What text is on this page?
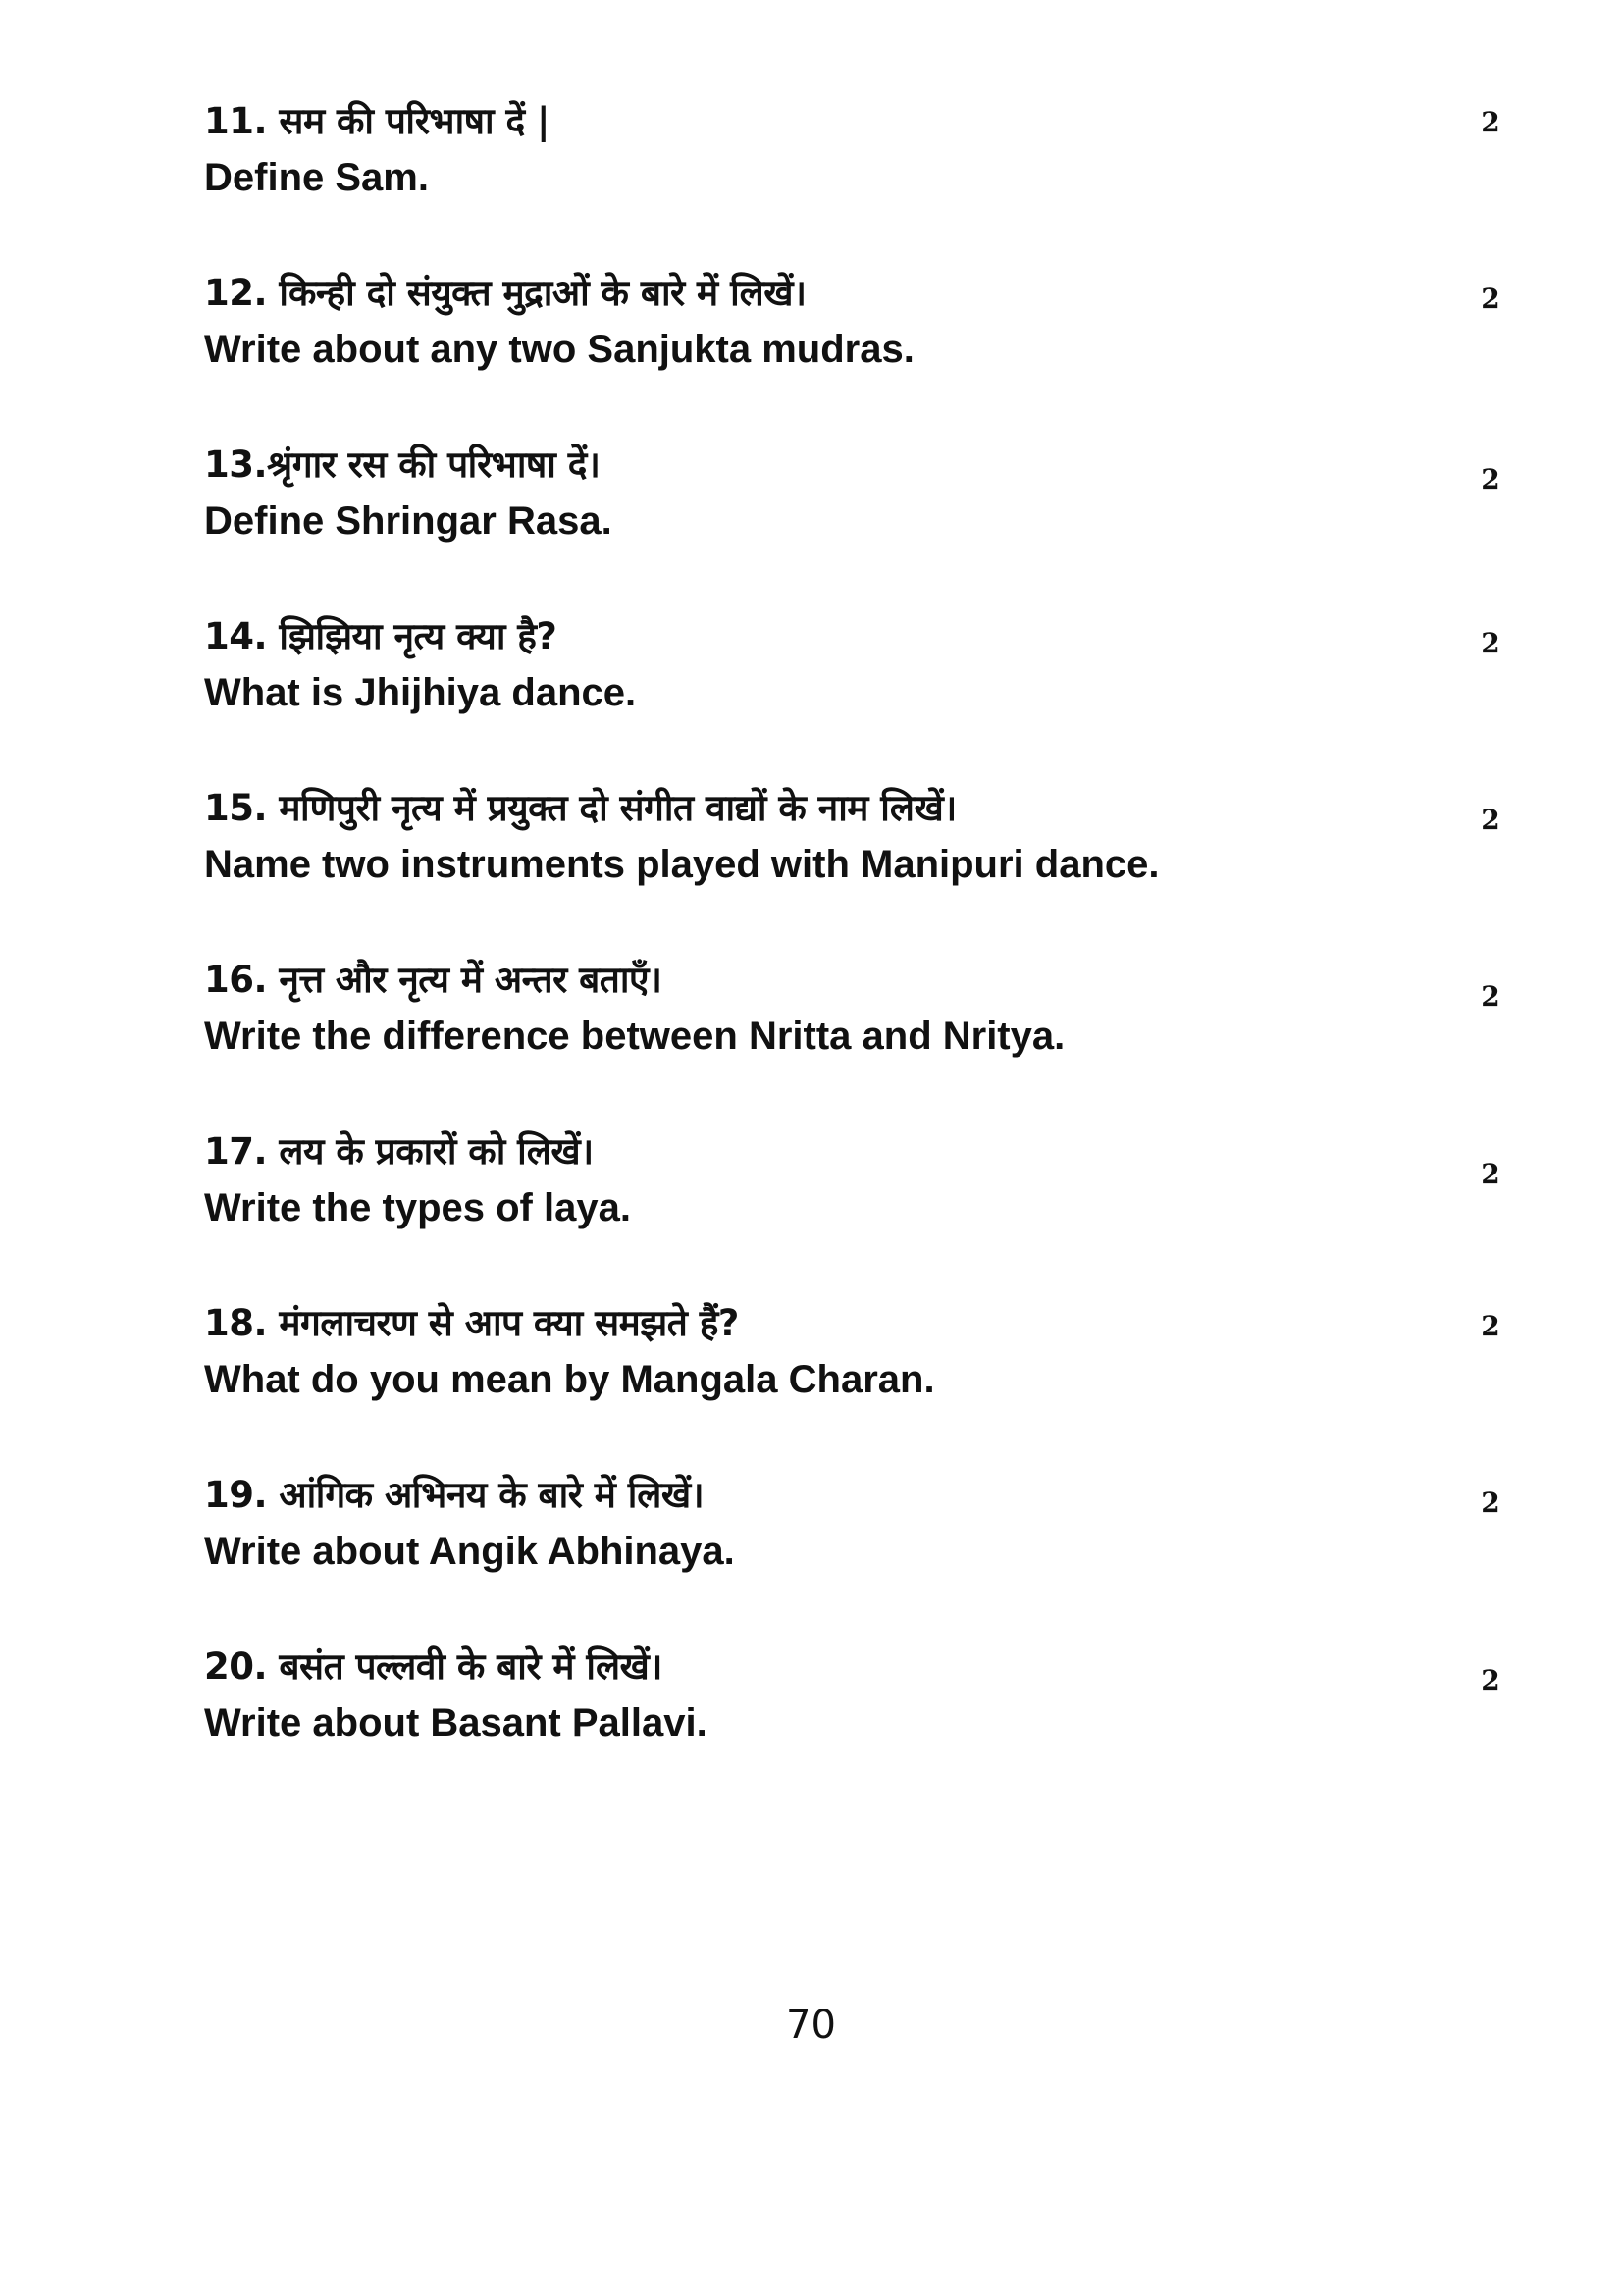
11. सम की परिभाषा दें |
Define Sam.
2
12. किन्ही दो संयुक्त मुद्राओं के बारे में लिखें।
Write about any two Sanjukta mudras.
2
13.श्रृंगार रस की परिभाषा दें।
Define Shringar Rasa.
2
14. झिझिया नृत्य क्या है?
What is Jhijhiya dance.
2
15. मणिपुरी नृत्य में प्रयुक्त दो संगीत वाद्यों के नाम लिखें।
Name two instruments played with Manipuri dance.
2
16. नृत्त और नृत्य में अन्तर बताएँ।
Write the difference between Nritta and Nritya.
2
17. लय के प्रकारों को लिखें।
Write the types of laya.
2
18. मंगलाचरण से आप क्या समझते हैं?
What do you mean by Mangala Charan.
2
19. आंगिक अभिनय के बारे में लिखें।
Write about Angik Abhinaya.
2
20. बसंत पल्लवी के बारे में लिखें।
Write about Basant Pallavi.
2
70
